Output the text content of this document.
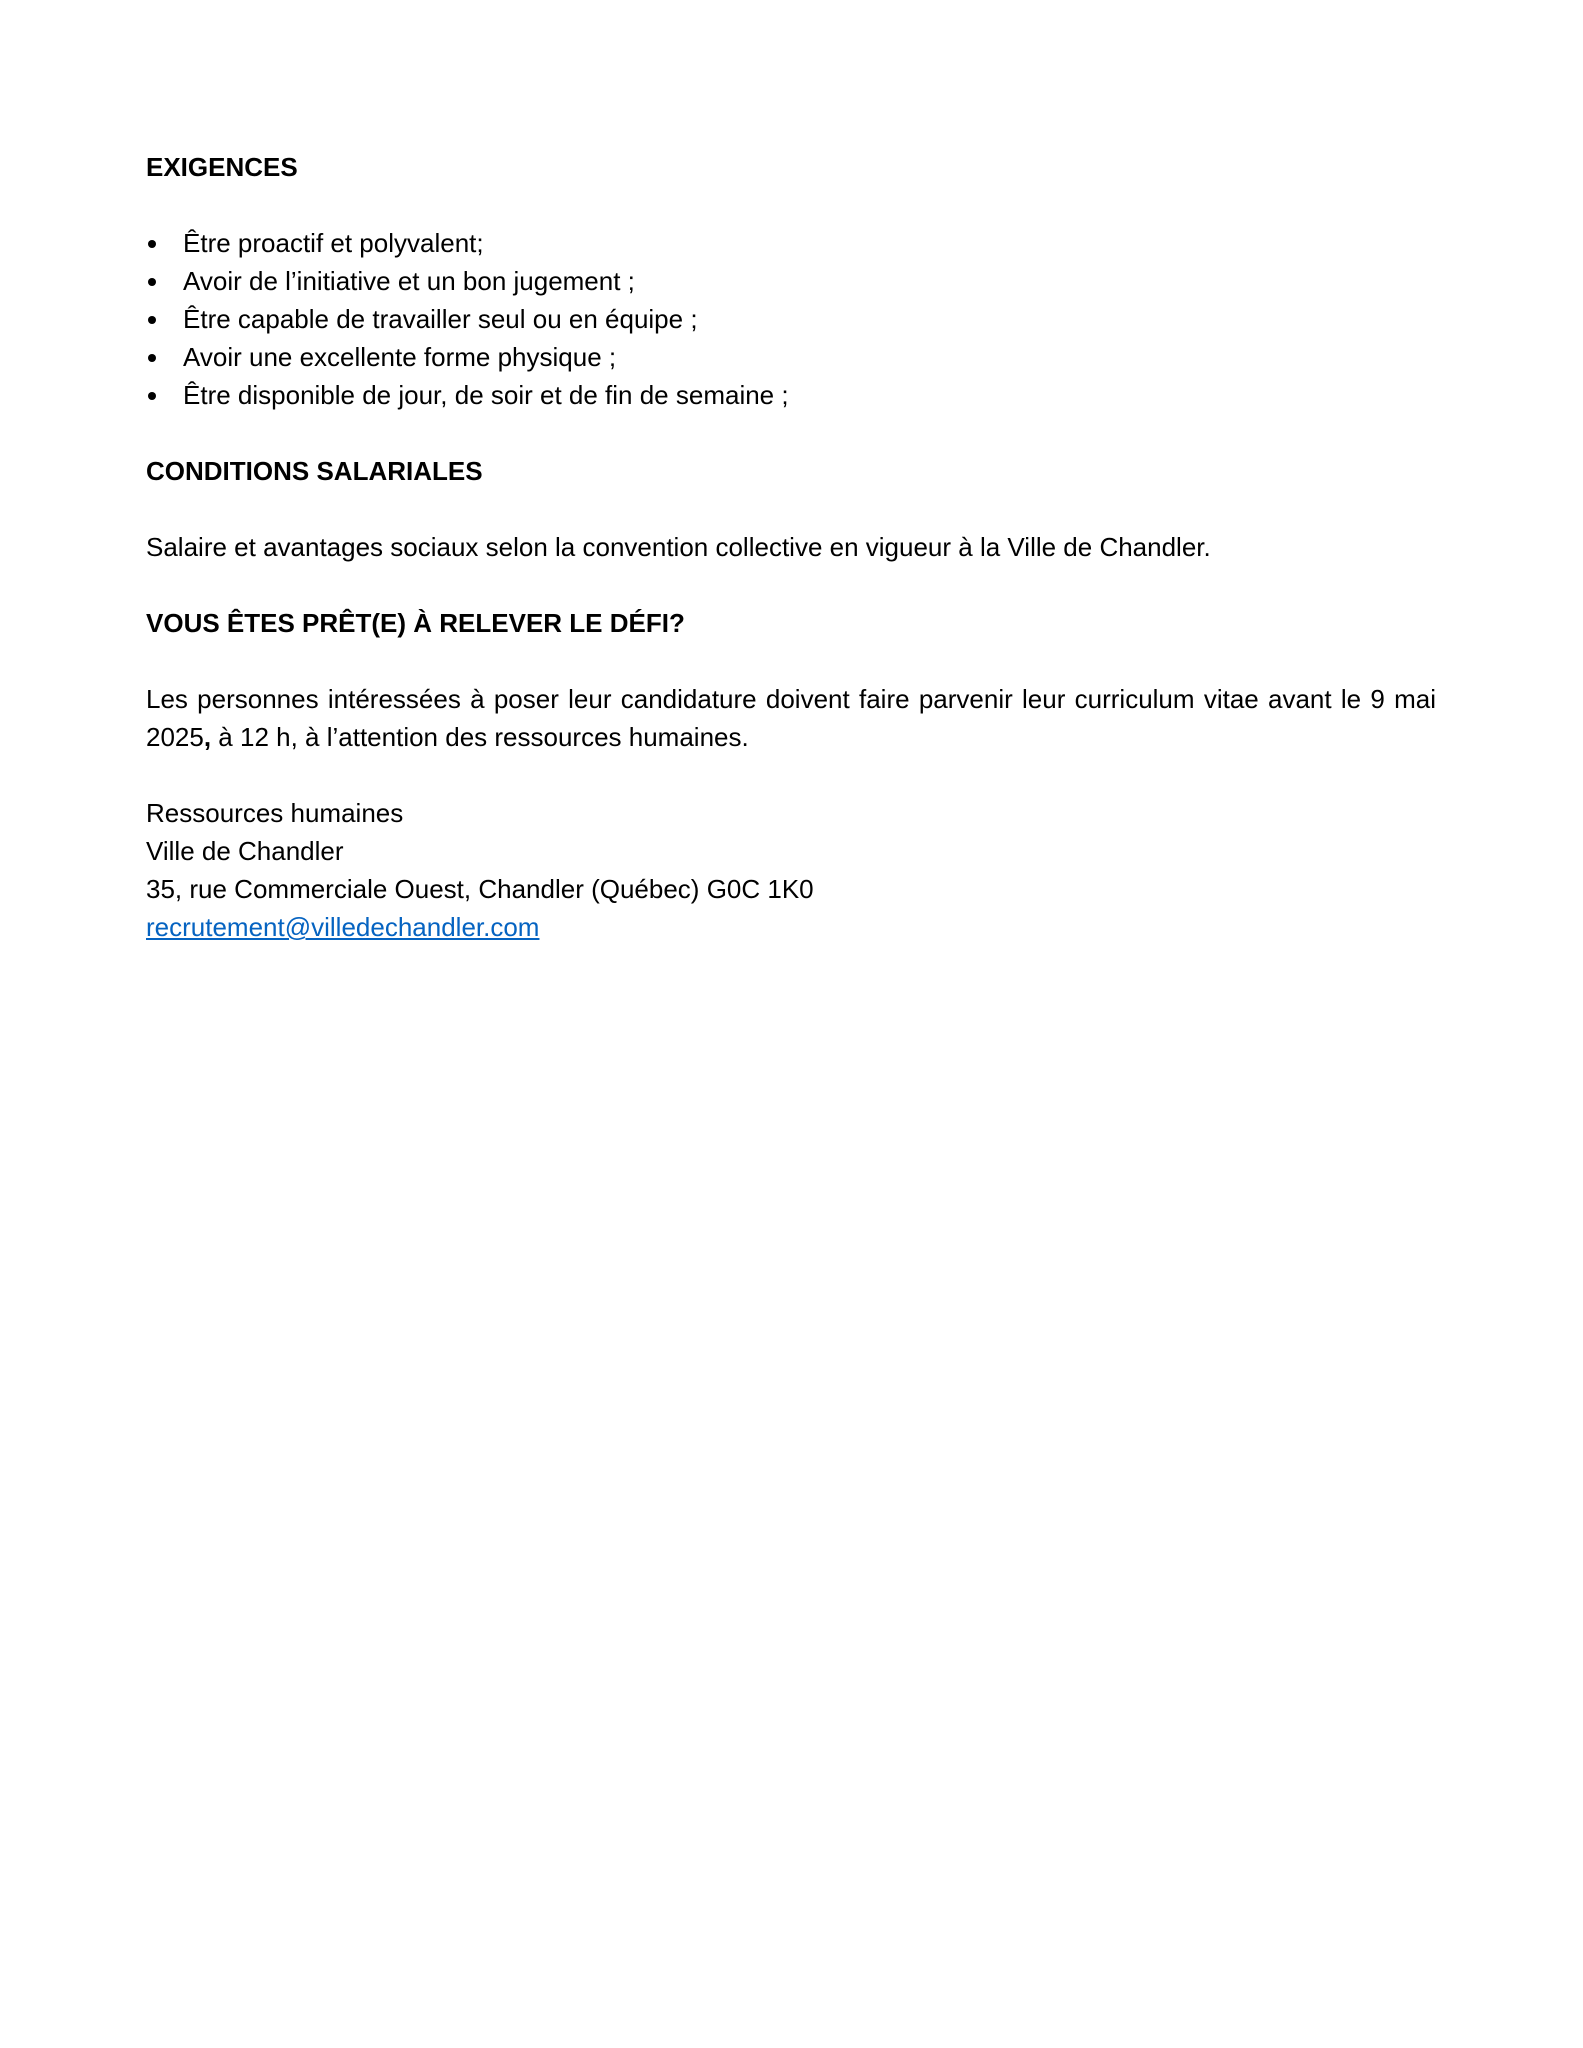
EXIGENCES
Être proactif et polyvalent;
Avoir de l’initiative et un bon jugement ;
Être capable de travailler seul ou en équipe ;
Avoir une excellente forme physique ;
Être disponible de jour, de soir et de fin de semaine ;
CONDITIONS SALARIALES

Salaire et avantages sociaux selon la convention collective en vigueur à la Ville de Chandler.

VOUS ÊTES PRÊT(E) À RELEVER LE DÉFI?

Les personnes intéressées à poser leur candidature doivent faire parvenir leur curriculum vitae avant le 9 mai 2025, à 12 h, à l’attention des ressources humaines.

Ressources humaines
Ville de Chandler
35, rue Commerciale Ouest, Chandler (Québec) G0C 1K0
recrutement@villedechandler.com
